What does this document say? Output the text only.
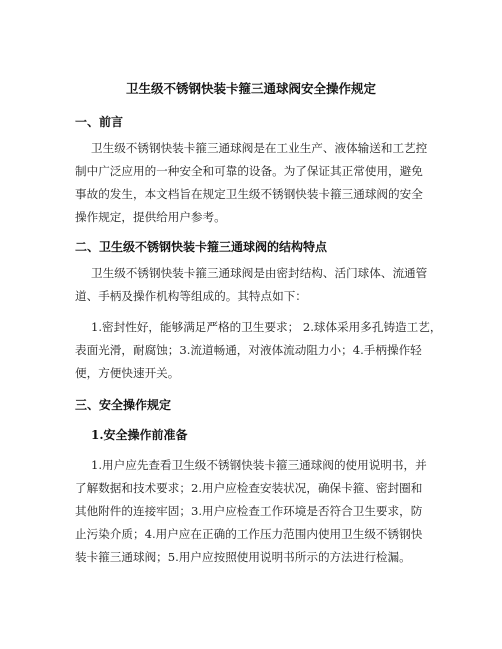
卫生级不锈钢快装卡箍三通球阀安全操作规定
一、前言
卫生级不锈钢快装卡箍三通球阀是在工业生产、液体输送和工艺控
制中广泛应用的一种安全和可靠的设备。为了保证其正常使用，避免
事故的发生，本文档旨在规定卫生级不锈钢快装卡箍三通球阀的安全
操作规定，提供给用户参考。
二、卫生级不锈钢快装卡箍三通球阀的结构特点
卫生级不锈钢快装卡箍三通球阀是由密封结构、活门球体、流通管
道、手柄及操作机构等组成的。其特点如下：
1.密封性好，能够满足严格的卫生要求； 2.球体采用多孔铸造工艺，
表面光滑，耐腐蚀；3.流道畅通，对液体流动阻力小；4.手柄操作轻
便，方便快速开关。
三、安全操作规定
1.安全操作前准备
1.用户应先查看卫生级不锈钢快装卡箍三通球阀的使用说明书，并
了解数据和技术要求；2.用户应检查安装状况，确保卡箍、密封圈和
其他附件的连接牢固；3.用户应检查工作环境是否符合卫生要求，防
止污染介质；4.用户应在正确的工作压力范围内使用卫生级不锈钢快
装卡箍三通球阀；5.用户应按照使用说明书所示的方法进行检漏。
